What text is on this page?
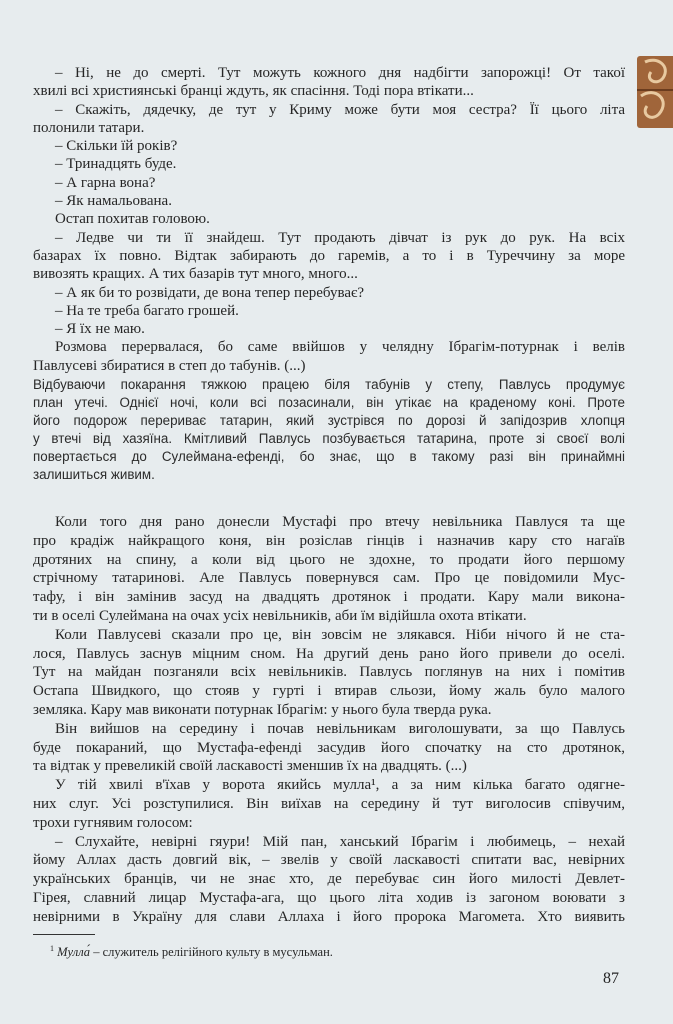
– Ні, не до смерті. Тут можуть кожного дня надбігти запорожці! От такої
хвилі всі християнські бранці ждуть, як спасіння. Тоді пора втікати...
– Скажіть, дядечку, де тут у Криму може бути моя сестра? Її цього літа
полонили татари.
– Скільки їй років?
– Тринадцять буде.
– А гарна вона?
– Як намальована.
Остап похитав головою.
– Ледве чи ти її знайдеш. Тут продають дівчат із рук до рук. На всіх
базарах їх повно. Відтак забирають до гаремів, а то і в Туреччину за море
вивозять кращих. А тих базарів тут много, много...
– А як би то розвідати, де вона тепер перебуває?
– На те треба багато грошей.
– Я їх не маю.
Розмова перервалася, бо саме ввійшов у челядну Ібрагім-потурнак і велів
Павлусеві збиратися в степ до табунів. (...)
Відбуваючи покарання тяжкою працею біля табунів у степу, Павлусь продумує
план утечі. Однієї ночі, коли всі позасинали, він утікає на краденому коні. Проте
його подорож перериває татарин, який зустрівся по дорозі й запідозрив хлопця
у втечі від хазяїна. Кмітливий Павлусь позбувається татарина, проте зі своєї волі
повертається до Сулеймана-ефенді, бо знає, що в такому разі він принаймні
залишиться живим.
Коли того дня рано донесли Мустафі про втечу невільника Павлуся та ще
про крадіж найкращого коня, він розіслав гінців і назначив кару сто нагаїв
дротяних на спину, а коли від цього не здохне, то продати його першому
стрічному татаринові. Але Павлусь повернувся сам. Про це повідомили Мус-
тафу, і він замінив засуд на двадцять дротянок і продати. Кару мали викона-
ти в оселі Сулеймана на очах усіх невільників, аби їм відійшла охота втікати.
Коли Павлусеві сказали про це, він зовсім не злякався. Ніби нічого й не ста-
лося, Павлусь заснув міцним сном. На другий день рано його привели до оселі.
Тут на майдан позганяли всіх невільників. Павлусь поглянув на них і помітив
Остапа Швидкого, що стояв у гурті і втирав сльози, йому жаль було малого
земляка. Кару мав виконати потурнак Ібрагім: у нього була тверда рука.
Він вийшов на середину і почав невільникам виголошувати, за що Павлусь
буде покараний, що Мустафа-ефенді засудив його спочатку на сто дротянок,
та відтак у превеликій своїй ласкавості зменшив їх на двадцять. (...)
У тій хвилі в'їхав у ворота якийсь мулла¹, а за ним кілька багато одягне-
них слуг. Усі розступилися. Він виїхав на середину й тут виголосив співучим,
трохи гугнявим голосом:
– Слухайте, невірні гяури! Мій пан, ханський Ібрагім і любимець, – нехай
йому Аллах дасть довгий вік, – звелів у своїй ласкавості спитати вас, невірних
українських бранців, чи не знає хто, де перебуває син його милості Девлет-
Гірея, славний лицар Мустафа-ага, що цього літа ходив із загоном воювати з
невірними в Україну для слави Аллаха і його пророка Магомета. Хто виявить
$^1$ Мулла́ – служитель релігійного культу в мусульман.
87
